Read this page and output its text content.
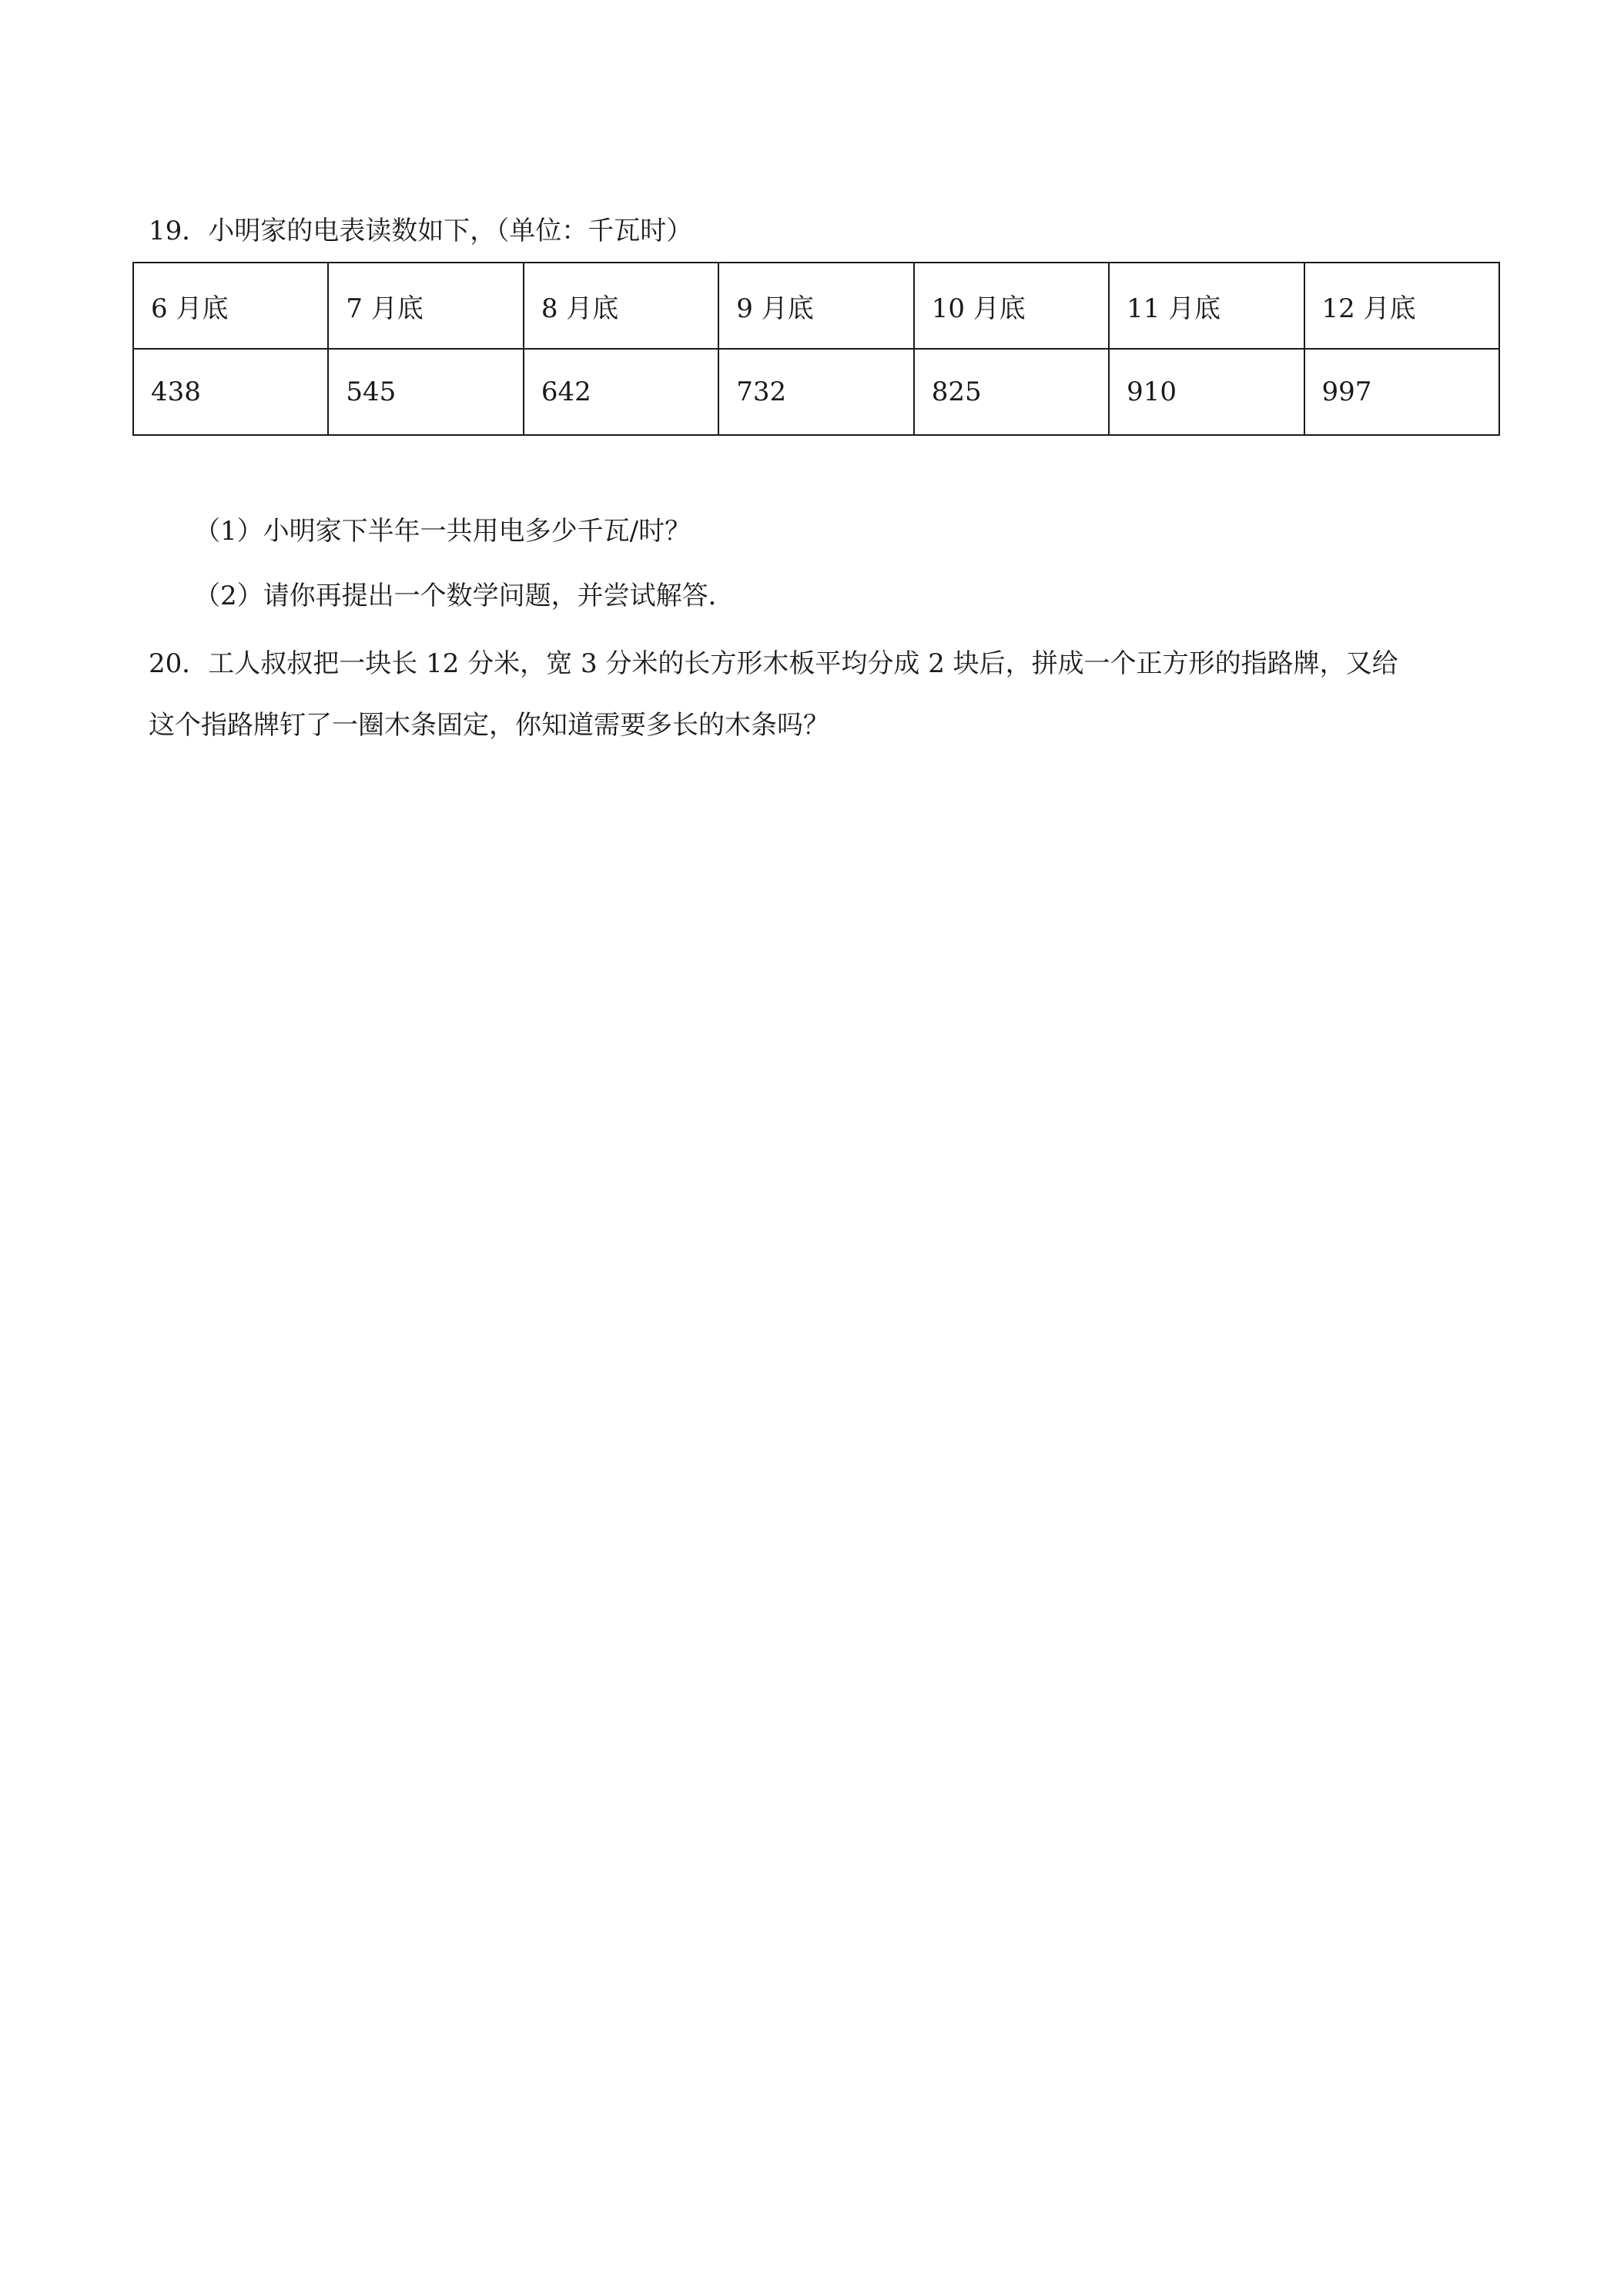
19．小明家的电表读数如下，（单位：千瓦时）
6 月底	7 月底	8 月底	9 月底	10 月底	11 月底	12 月底
438	545	642	732	825	910	997
（1）小明家下半年一共用电多少千瓦/时？
（2）请你再提出一个数学问题，并尝试解答．
20．工人叔叔把一块长 12 分米，宽 3 分米的长方形木板平均分成 2 块后，拼成一个正方形的指路牌，又给
这个指路牌钉了一圈木条固定，你知道需要多长的木条吗？
